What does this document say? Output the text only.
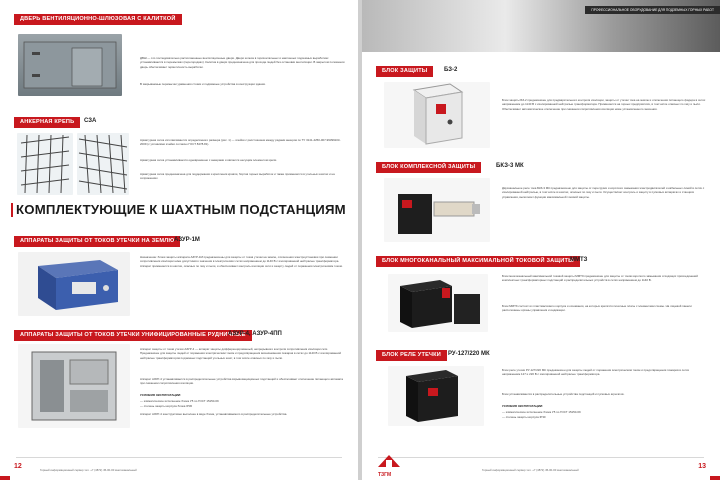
ДВЕРЬ ВЕНТИЛЯЦИОННО-ШЛЮЗОВАЯ С КАЛИТКОЙ
ДВШ — это последовательно расположенные вентиляционные двери. Двери шлюза в горизонтальных и наклонных подземных выработках устанавливаются в перемычках (перегородках). Калитка в двери предназначена для прохода людей без остановки вентиляции. В закрытом положении дверь обеспечивает герметичность выработки.
В закрываемые перемычки уравнения стояки и подвижные устройства в конструкции здания.
АНКЕРНАЯ КРЕПЬ	СЗА
Арматурная сетка изготавливается определённого размера (рис. 1) — ячейки с расстоянием между рядами анкеров по ТУ 3141-4250-007-99399103-2009 (с условиями ячейки согласно ГОСТ 8478-81).
Арматурная сетка устанавливается одновременно с анкерами и является несущим элементом крепи.
Арматурная сетка предназначена для поддержания и крепления кровли, бортов горных выработок и также применяется в угольных шахтах и на сопряжениях.
КОМПЛЕКТУЮЩИЕ К ШАХТНЫМ ПОДСТАНЦИЯМ
АППАРАТЫ ЗАЩИТЫ ОТ ТОКОВ УТЕЧКИ НА ЗЕМЛЮ АЗУР-1М
Назначение: блоки защиты аппарата АЗУР-1М предназначены для защиты от токов утечки на землю, отключения электроустановки при снижении сопротивления изоляции ниже допустимого значения в электрических сетях напряжением до 1140 В с изолированной нейтралью трансформатора. Аппарат применяется в шахтах, опасных по газу и пыли, и обеспечивает контроль изоляции сети и защиту людей от поражения электрическим током.
АППАРАТЫ ЗАЩИТЫ ОТ ТОКОВ УТЕЧКИ УНИФИЦИРОВАННЫЕ РУДНИЧНЫЕ
АЗУР-4, АЗУР-4ПП
Аппарат защиты от токов утечки АЗУР-4 — аппарат защиты дифференцированный, непрерывного контроля сопротивления изоляции сети. Предназначен для защиты людей от поражения электрическим током и предотвращения возникновения пожаров в сетях до 1140 В с изолированной нейтралью трансформаторов подземных подстанций угольных шахт, в том числе опасных по газу и пыли.
Аппарат АЗУР-4 устанавливается в распределительные устройства взрывозащищённых подстанций и обеспечивает отключение питающего автомата при снижении сопротивления изоляции.
УСЛОВИЯ ЭКСПЛУАТАЦИИ:
— климатическое исполнение блока У5 по ГОСТ 15150-69
— степень защиты корпуса блока IP30
Аппарат АЗУР-4 конструктивно выполнен в виде блока, устанавливаемого в распределительные устройства.
12	Горный информационный сервер тел. +7 (4872) 45-00-00 многоканальный
ПРОФЕССИОНАЛЬНОЕ ОБОРУДОВАНИЕ ДЛЯ ПОДЗЕМНЫХ ГОРНЫХ РАБОТ
БЛОК ЗАЩИТЫ	БЗ-2
Блок защиты БЗ-2 предназначен для предварительного контроля изоляции, защиты от утечки тока на землю и отключения питающего фидера в сетях напряжением до 1140 В с изолированной нейтралью трансформатора. Применяется на горных предприятиях, в том числе опасных по газу и пыли. Обеспечивает автоматическое отключение при снижении сопротивления изоляции ниже установленного значения.
БЛОК КОМПЛЕКСНОЙ ЗАЩИТЫ	БКЗ-3 МК
Двухканальное реле тока БКЗ-3 МК предназначено для защиты от перегрузки и короткого замыкания электродвигателей и кабельных линий в сетях с изолированной нейтралью, в том числе в шахтах, опасных по газу и пыли. Осуществляет контроль и защиту в пусковых аппаратах и станциях управления, выполняет функции максимальной токовой защиты.
БЛОК МНОГОКАНАЛЬНЫЙ МАКСИМАЛЬНОЙ ТОКОВОЙ ЗАЩИТЫ
ММТЗ
Блок многоканальный максимальной токовой защиты ММТЗ предназначен для защиты от токов короткого замыкания отходящих присоединений комплектных трансформаторных подстанций и распределительных устройств в сетях напряжением до 1140 В.
Блок ММТЗ состоит из пластмассового корпуса и основания, на которых крепятся печатные платы с элементами схемы. На лицевой панели расположены органы управления и индикации.
БЛОК РЕЛЕ УТЕЧКИ	РУ-127/220 МК
Блок реле утечки РУ-127/220 МК предназначен для защиты людей от поражения электрическим током и предотвращения пожаров в сетях напряжением 127 и 220 В с изолированной нейтралью трансформатора.
Блок устанавливается в распределительные устройства подстанций и пусковых агрегатов.
УСЛОВИЯ ЭКСПЛУАТАЦИИ:
— климатическое исполнение блока У5 по ГОСТ 15150-69
— степень защиты корпуса IP30
ТЗГМ
Горный информационный сервер тел. +7 (4872) 45-00-00 многоканальный	13
